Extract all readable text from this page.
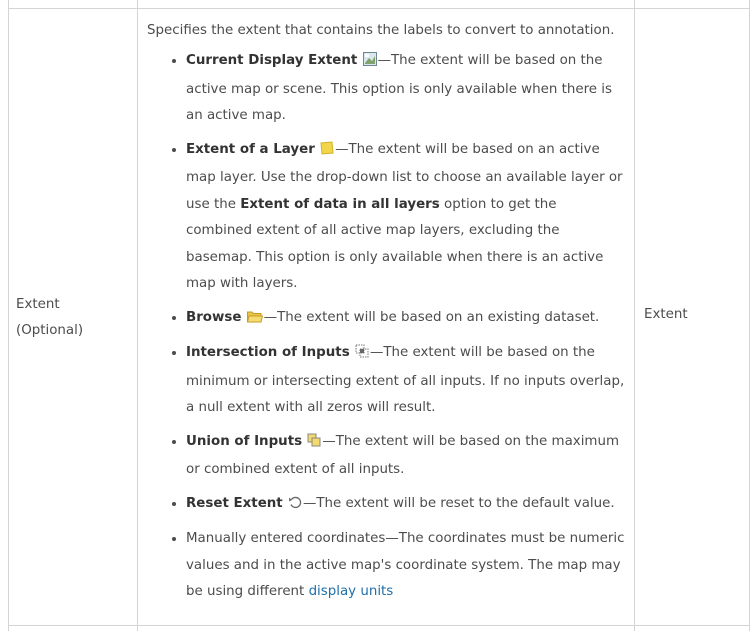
Extent
(Optional)
Specifies the extent that contains the labels to convert to annotation.
• Current Display Extent —The extent will be based on the active map or scene. This option is only available when there is an active map.
• Extent of a Layer —The extent will be based on an active map layer. Use the drop-down list to choose an available layer or use the Extent of data in all layers option to get the combined extent of all active map layers, excluding the basemap. This option is only available when there is an active map with layers.
• Browse —The extent will be based on an existing dataset.
• Intersection of Inputs —The extent will be based on the minimum or intersecting extent of all inputs. If no inputs overlap, a null extent with all zeros will result.
• Union of Inputs —The extent will be based on the maximum or combined extent of all inputs.
• Reset Extent —The extent will be reset to the default value.
• Manually entered coordinates—The coordinates must be numeric values and in the active map's coordinate system. The map may be using different display units
Extent
